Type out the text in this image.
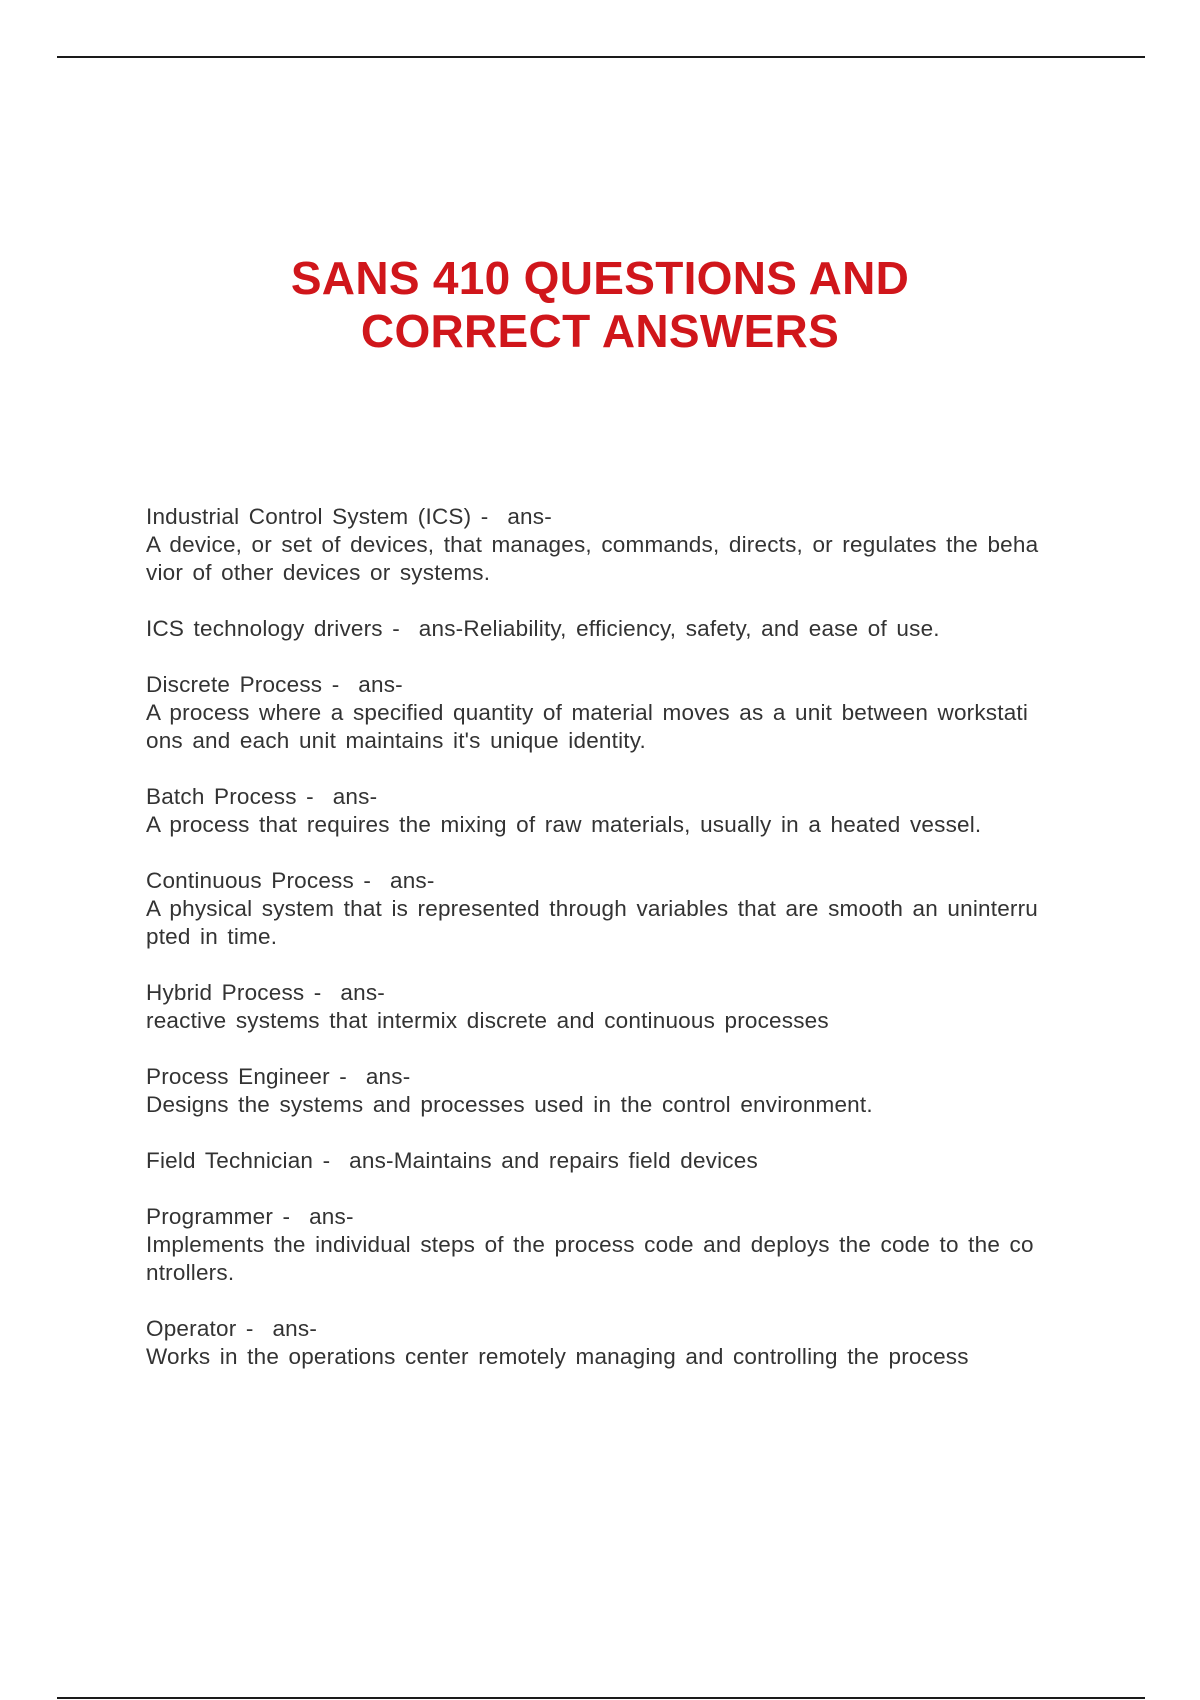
SANS 410 QUESTIONS AND
CORRECT ANSWERS
Industrial Control System (ICS) -  ans-
A device, or set of devices, that manages, commands, directs, or regulates the beha
vior of other devices or systems.
ICS technology drivers -  ans-Reliability, efficiency, safety, and ease of use.
Discrete Process -  ans-
A process where a specified quantity of material moves as a unit between workstati
ons and each unit maintains it's unique identity.
Batch Process -  ans-
A process that requires the mixing of raw materials, usually in a heated vessel.
Continuous Process -  ans-
A physical system that is represented through variables that are smooth an uninterru
pted in time.
Hybrid Process -  ans-
reactive systems that intermix discrete and continuous processes
Process Engineer -  ans-
Designs the systems and processes used in the control environment.
Field Technician -  ans-Maintains and repairs field devices
Programmer -  ans-
Implements the individual steps of the process code and deploys the code to the co
ntrollers.
Operator -  ans-
Works in the operations center remotely managing and controlling the process
